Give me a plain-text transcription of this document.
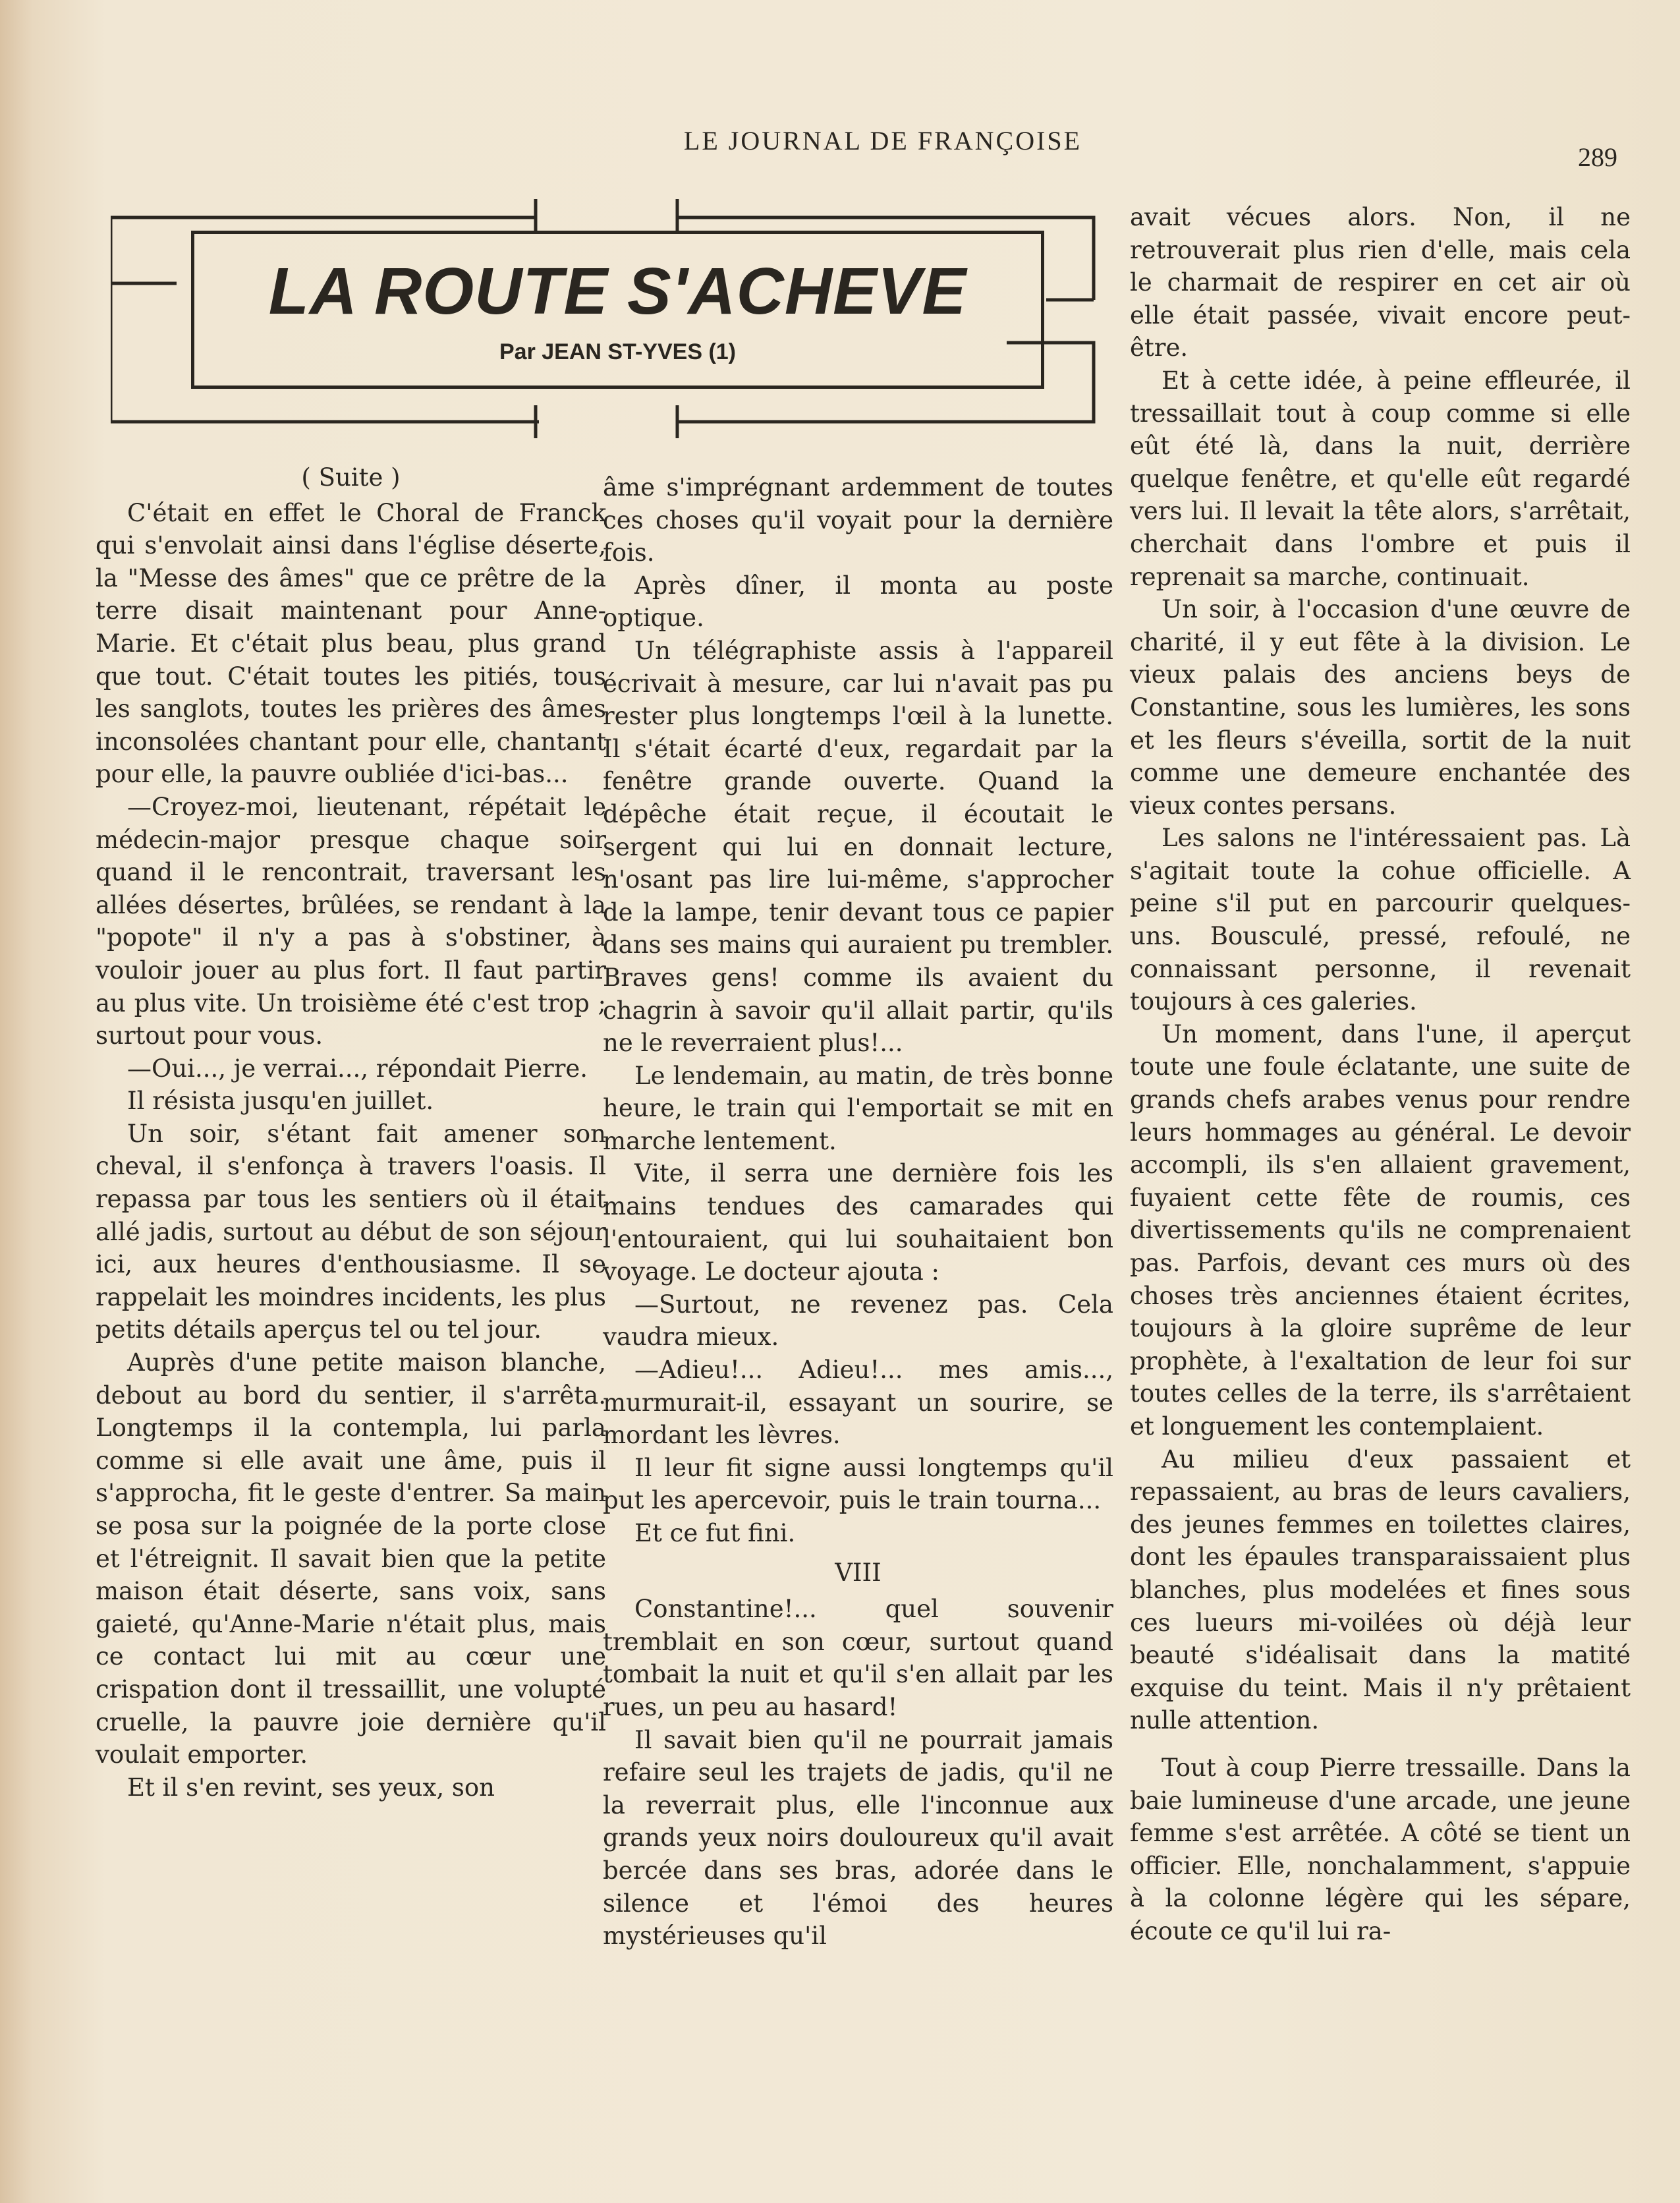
LE JOURNAL DE FRANÇOISE
289
LA ROUTE S'ACHEVE
Par JEAN ST-YVES (1)

( Suite )

C'était en effet le Choral de Franck qui s'envolait ainsi dans l'église déserte, la "Messe des âmes" que ce prêtre de la terre disait maintenant pour Anne-Marie. Et c'était plus beau, plus grand que tout. C'était toutes les pitiés, tous les sanglots, toutes les prières des âmes inconsolées chantant pour elle, chantant pour elle, la pauvre oubliée d'ici-bas...

—Croyez-moi, lieutenant, répétait le médecin-major presque chaque soir quand il le rencontrait, traversant les allées désertes, brûlées, se rendant à la "popote" il n'y a pas à s'obstiner, à vouloir jouer au plus fort. Il faut partir au plus vite. Un troisième été c'est trop ; surtout pour vous.

—Oui..., je verrai..., répondait Pierre.

Il résista jusqu'en juillet.

Un soir, s'étant fait amener son cheval, il s'enfonça à travers l'oasis. Il repassa par tous les sentiers où il était allé jadis, surtout au début de son séjour ici, aux heures d'enthousiasme. Il se rappelait les moindres incidents, les plus petits détails aperçus tel ou tel jour.

Auprès d'une petite maison blanche, debout au bord du sentier, il s'arrêta. Longtemps il la contempla, lui parla comme si elle avait une âme, puis il s'approcha, fit le geste d'entrer. Sa main se posa sur la poignée de la porte close et l'étreignit. Il savait bien que la petite maison était déserte, sans voix, sans gaieté, qu'Anne-Marie n'était plus, mais ce contact lui mit au cœur une crispation dont il tressaillit, une volupté cruelle, la pauvre joie dernière qu'il voulait emporter.

Et il s'en revint, ses yeux, son

âme s'imprégnant ardemment de toutes ces choses qu'il voyait pour la dernière fois.

Après dîner, il monta au poste optique.

Un télégraphiste assis à l'appareil écrivait à mesure, car lui n'avait pas pu rester plus longtemps l'œil à la lunette. Il s'était écarté d'eux, regardait par la fenêtre grande ouverte. Quand la dépêche était reçue, il écoutait le sergent qui lui en donnait lecture, n'osant pas lire lui-même, s'approcher de la lampe, tenir devant tous ce papier dans ses mains qui auraient pu trembler. Braves gens! comme ils avaient du chagrin à savoir qu'il allait partir, qu'ils ne le reverraient plus!...

Le lendemain, au matin, de très bonne heure, le train qui l'emportait se mit en marche lentement.

Vite, il serra une dernière fois les mains tendues des camarades qui l'entouraient, qui lui souhaitaient bon voyage. Le docteur ajouta :

—Surtout, ne revenez pas. Cela vaudra mieux.

—Adieu!... Adieu!... mes amis..., murmurait-il, essayant un sourire, se mordant les lèvres.

Il leur fit signe aussi longtemps qu'il put les apercevoir, puis le train tourna...

Et ce fut fini.

VIII

Constantine!... quel souvenir tremblait en son cœur, surtout quand tombait la nuit et qu'il s'en allait par les rues, un peu au hasard!

Il savait bien qu'il ne pourrait jamais refaire seul les trajets de jadis, qu'il ne la reverrait plus, elle l'inconnue aux grands yeux noirs douloureux qu'il avait bercée dans ses bras, adorée dans le silence et l'émoi des heures mystérieuses qu'il

avait vécues alors. Non, il ne retrouverait plus rien d'elle, mais cela le charmait de respirer en cet air où elle était passée, vivait encore peut-être.

Et à cette idée, à peine effleurée, il tressaillait tout à coup comme si elle eût été là, dans la nuit, derrière quelque fenêtre, et qu'elle eût regardé vers lui. Il levait la tête alors, s'arrêtait, cherchait dans l'ombre et puis il reprenait sa marche, continuait.

Un soir, à l'occasion d'une œuvre de charité, il y eut fête à la division. Le vieux palais des anciens beys de Constantine, sous les lumières, les sons et les fleurs s'éveilla, sortit de la nuit comme une demeure enchantée des vieux contes persans.

Les salons ne l'intéressaient pas. Là s'agitait toute la cohue officielle. A peine s'il put en parcourir quelques-uns. Bousculé, pressé, refoulé, ne connaissant personne, il revenait toujours à ces galeries.

Un moment, dans l'une, il aperçut toute une foule éclatante, une suite de grands chefs arabes venus pour rendre leurs hommages au général. Le devoir accompli, ils s'en allaient gravement, fuyaient cette fête de roumis, ces divertissements qu'ils ne comprenaient pas. Parfois, devant ces murs où des choses très anciennes étaient écrites, toujours à la gloire suprême de leur prophète, à l'exaltation de leur foi sur toutes celles de la terre, ils s'arrêtaient et longuement les contemplaient.

Au milieu d'eux passaient et repassaient, au bras de leurs cavaliers, des jeunes femmes en toilettes claires, dont les épaules transparaissaient plus blanches, plus modelées et fines sous ces lueurs mi-voilées où déjà leur beauté s'idéalisait dans la matité exquise du teint. Mais il n'y prêtaient nulle attention.

Tout à coup Pierre tressaille. Dans la baie lumineuse d'une arcade, une jeune femme s'est arrêtée. A côté se tient un officier. Elle, nonchalamment, s'appuie à la colonne légère qui les sépare, écoute ce qu'il lui ra-
